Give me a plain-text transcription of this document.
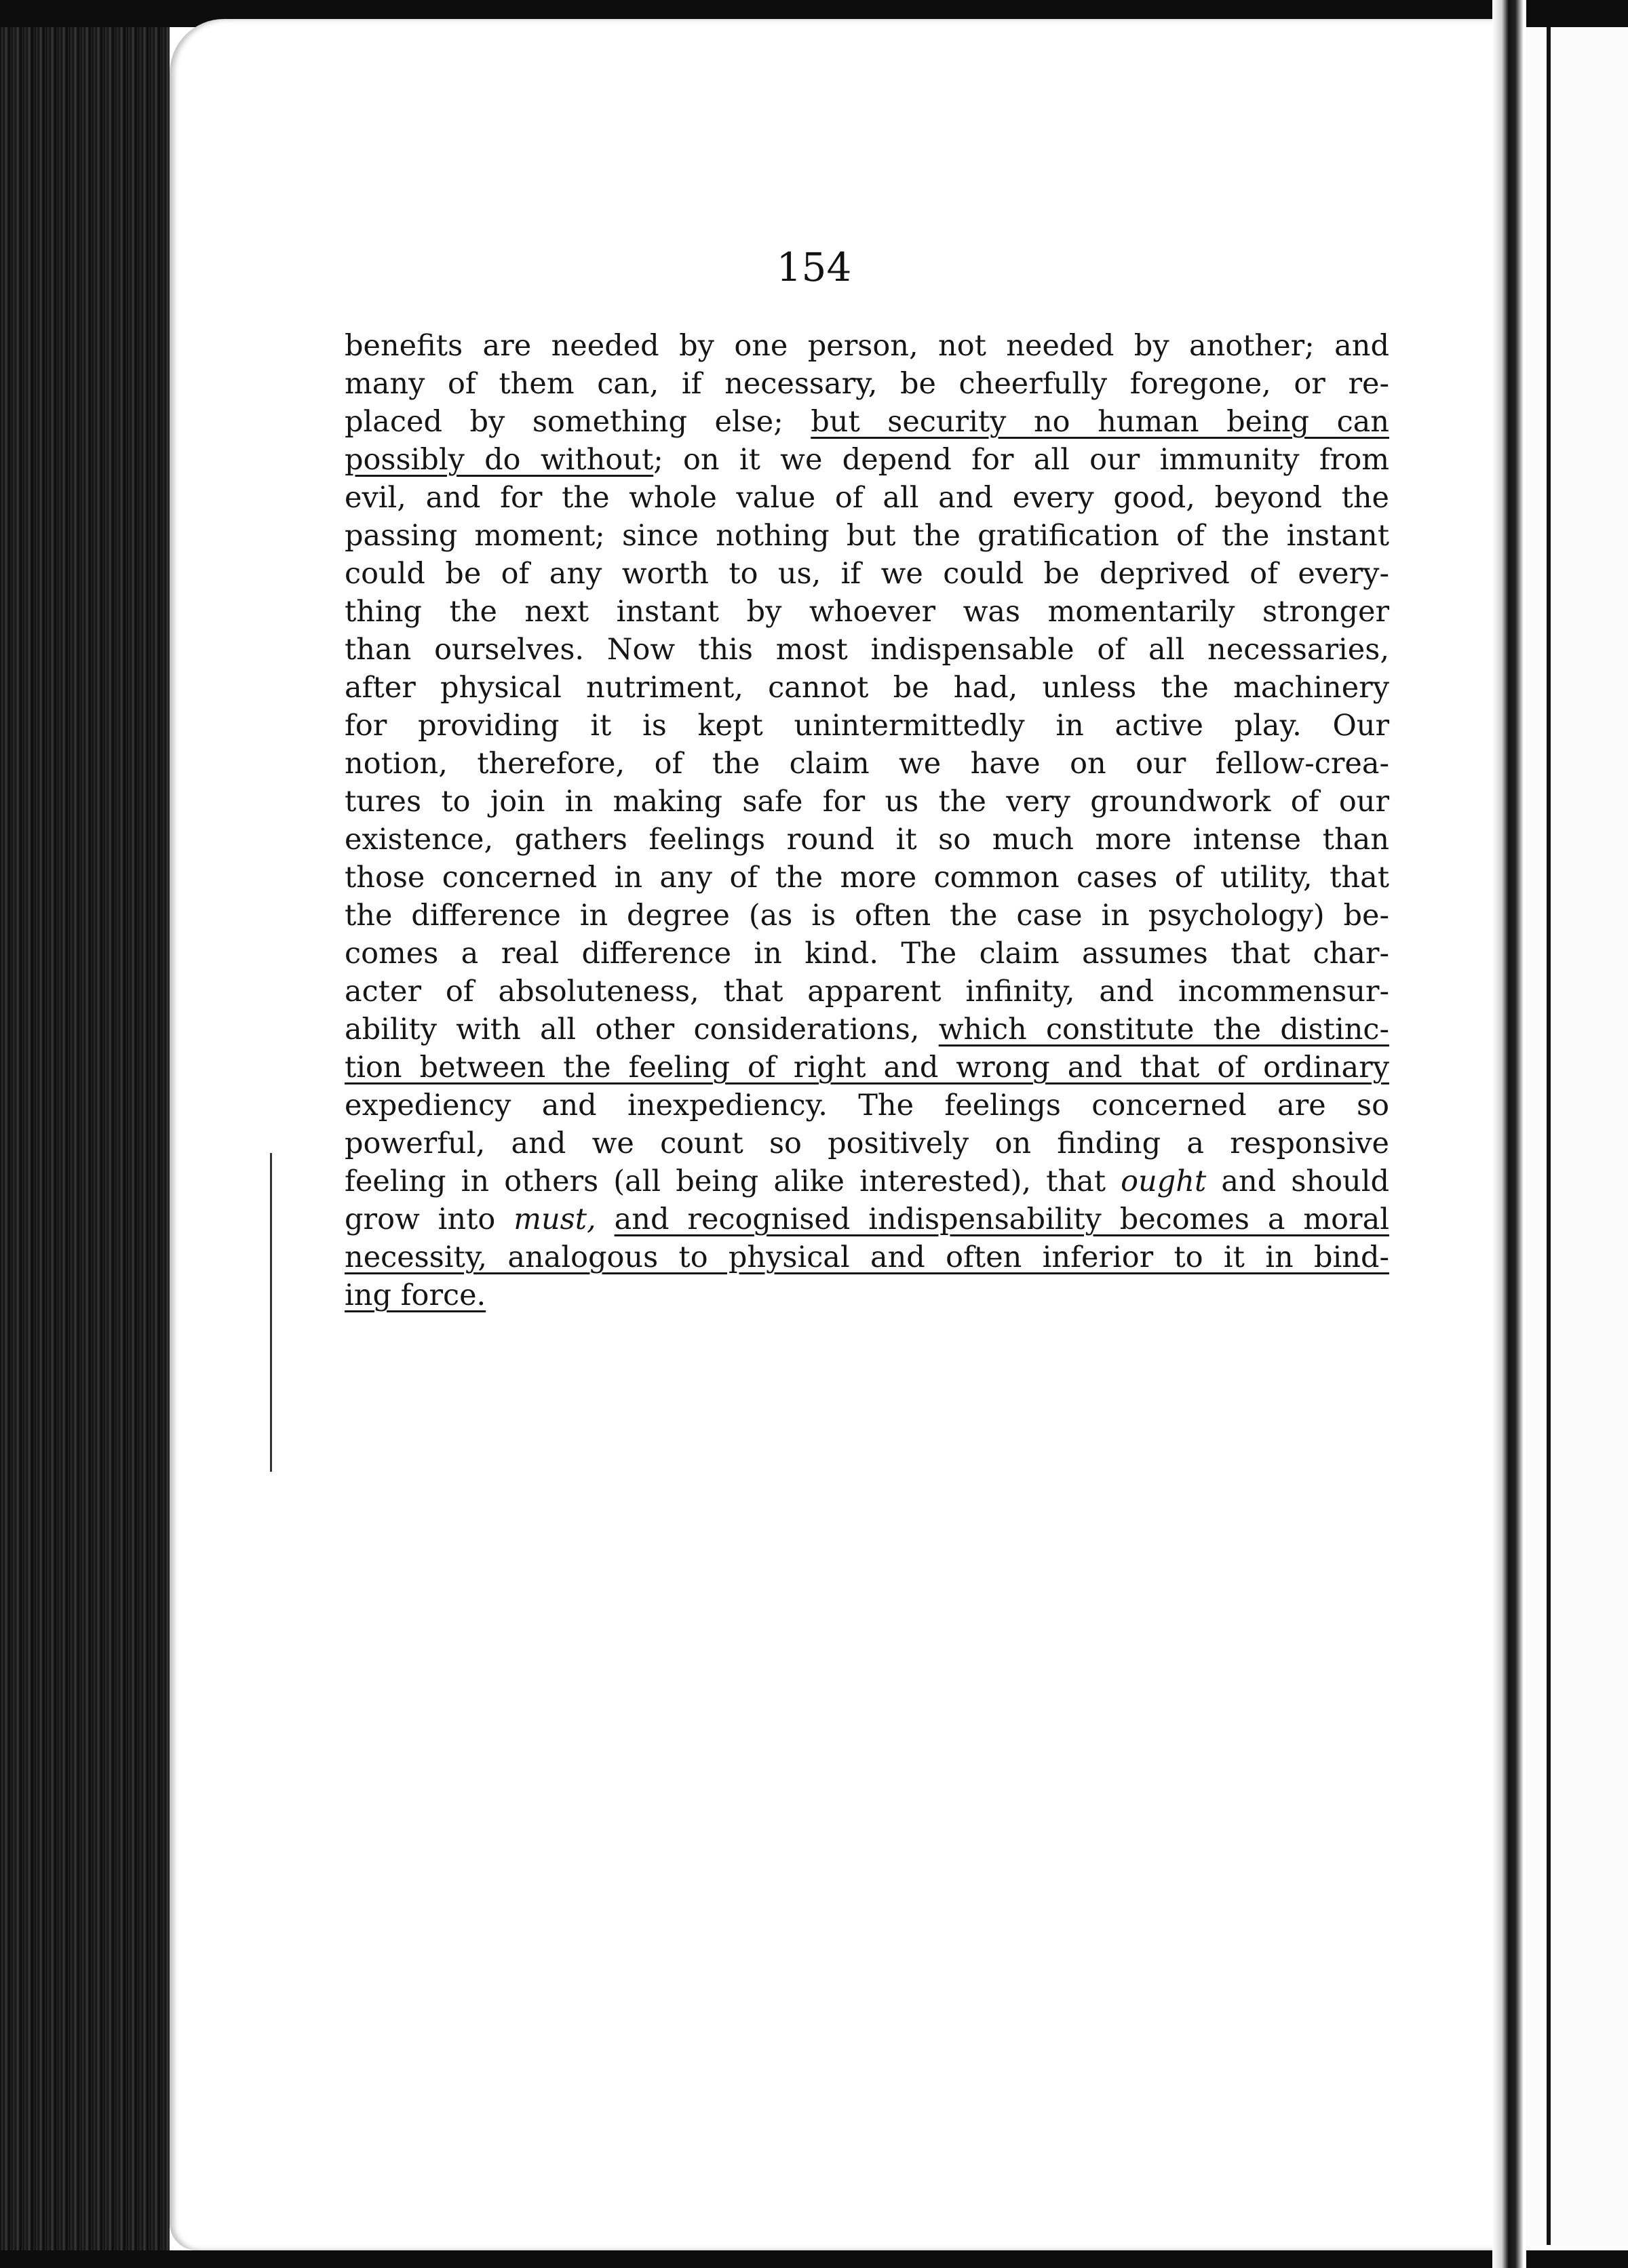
154
benefits are needed by one person, not needed by another; and
many of them can, if necessary, be cheerfully foregone, or re-
placed by something else; but security no human being can
possibly do without; on it we depend for all our immunity from
evil, and for the whole value of all and every good, beyond the
passing moment; since nothing but the gratification of the instant
could be of any worth to us, if we could be deprived of every-
thing the next instant by whoever was momentarily stronger
than ourselves. Now this most indispensable of all necessaries,
after physical nutriment, cannot be had, unless the machinery
for providing it is kept unintermittedly in active play. Our
notion, therefore, of the claim we have on our fellow-crea-
tures to join in making safe for us the very groundwork of our
existence, gathers feelings round it so much more intense than
those concerned in any of the more common cases of utility, that
the difference in degree (as is often the case in psychology) be-
comes a real difference in kind. The claim assumes that char-
acter of absoluteness, that apparent infinity, and incommensur-
ability with all other considerations, which constitute the distinc-
tion between the feeling of right and wrong and that of ordinary
expediency and inexpediency. The feelings concerned are so
powerful, and we count so positively on finding a responsive
feeling in others (all being alike interested), that ought and should
grow into must, and recognised indispensability becomes a moral
necessity, analogous to physical and often inferior to it in bind-
ing force.
